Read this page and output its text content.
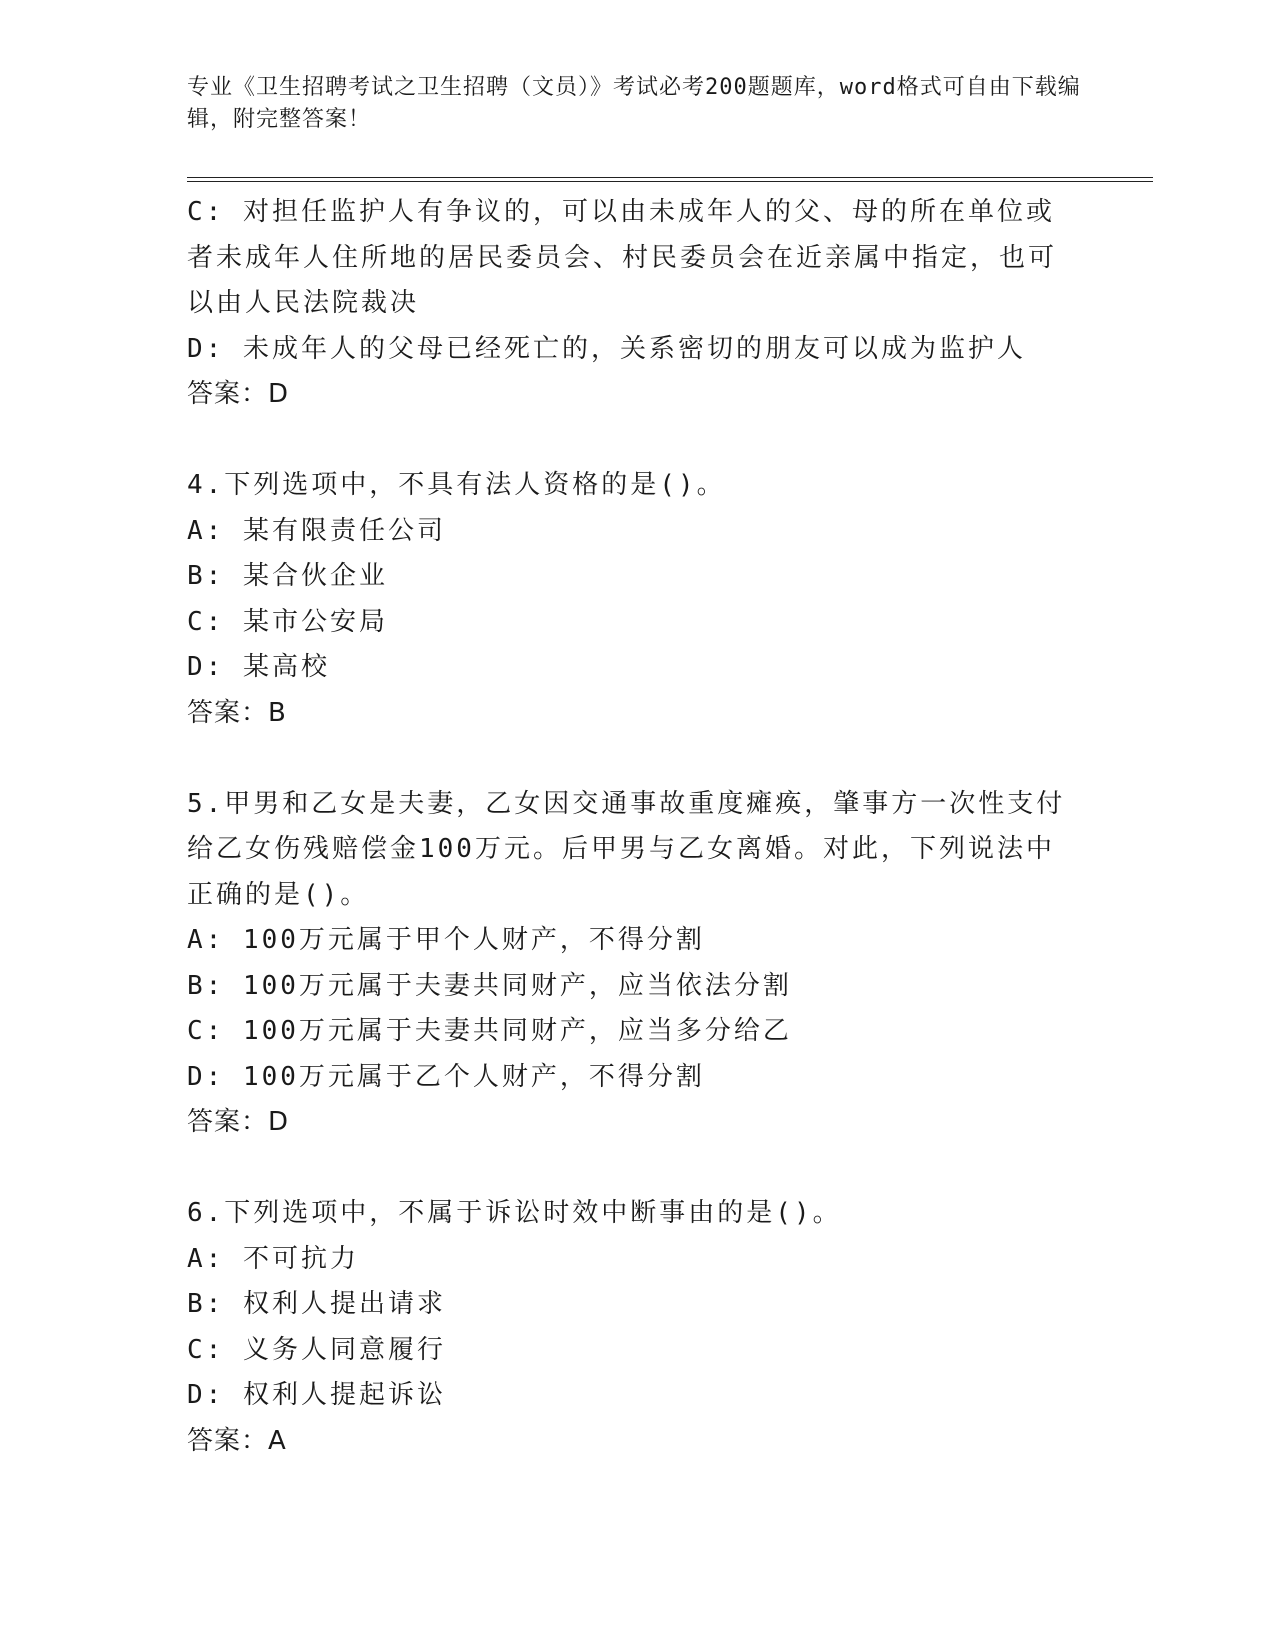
专业《卫生招聘考试之卫生招聘（文员）》考试必考200题题库，word格式可自由下载编辑，附完整答案！
C: 对担任监护人有争议的，可以由未成年人的父、母的所在单位或者未成年人住所地的居民委员会、村民委员会在近亲属中指定，也可以由人民法院裁决
D: 未成年人的父母已经死亡的，关系密切的朋友可以成为监护人
答案：D
4.下列选项中，不具有法人资格的是()。
A: 某有限责任公司
B: 某合伙企业
C: 某市公安局
D: 某高校
答案：B
5.甲男和乙女是夫妻，乙女因交通事故重度瘫痪，肇事方一次性支付给乙女伤残赔偿金100万元。后甲男与乙女离婚。对此，下列说法中正确的是()。
A: 100万元属于甲个人财产，不得分割
B: 100万元属于夫妻共同财产，应当依法分割
C: 100万元属于夫妻共同财产，应当多分给乙
D: 100万元属于乙个人财产，不得分割
答案：D
6.下列选项中，不属于诉讼时效中断事由的是()。
A: 不可抗力
B: 权利人提出请求
C: 义务人同意履行
D: 权利人提起诉讼
答案：A
